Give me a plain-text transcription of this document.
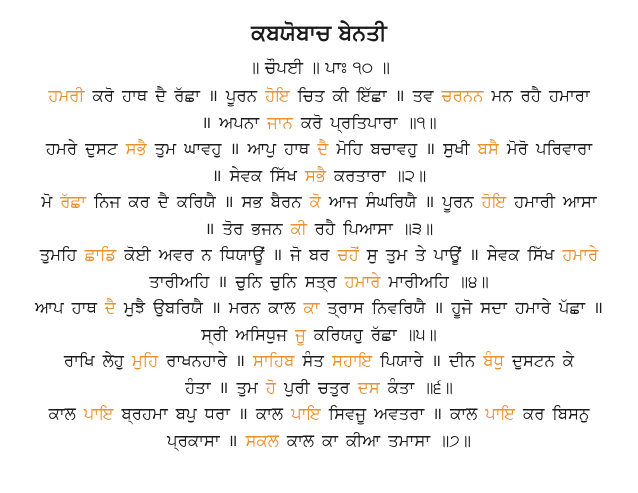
ਕਬਯੋਬਾਚ ਬੇਨਤੀ
॥ ਚੌਪਈ ॥ ਪਾਃ ੧੦ ॥
ਹਮਰੀ ਕਰੋ ਹਾਥ ਦੈ ਰੱਛਾ ॥ ਪੂਰਨ ਹੋਇ ਚਿਤ ਕੀ ਇੱਛਾ ॥ ਤਵ ਚਰਨਨ ਮਨ ਰਹੈ ਹਮਾਰਾ
॥ ਅਪਨਾ ਜਾਨ ਕਰੋ ਪ੍ਰਤਿਪਾਰਾ ॥੧॥
ਹਮਰੇ ਦੁਸਟ ਸਭੈ ਤੁਮ ਘਾਵਹੁ ॥ ਆਪੁ ਹਾਥ ਦੈ ਮੋਹਿ ਬਚਾਵਹੁ ॥ ਸੁਖੀ ਬਸੈ ਮੋਰੋ ਪਰਿਵਾਰਾ
॥ ਸੇਵਕ ਸਿੱਖ ਸਭੈ ਕਰਤਾਰਾ ॥੨॥
ਮੋ ਰੱਛਾ ਨਿਜ ਕਰ ਦੈ ਕਰਿਯੈ ॥ ਸਭ ਬੈਰਨ ਕੋ ਆਜ ਸੰਘਰਿਯੈ ॥ ਪੂਰਨ ਹੋਇ ਹਮਾਰੀ ਆਸਾ
॥ ਤੋਰ ਭਜਨ ਕੀ ਰਹੈ ਪਿਆਸਾ ॥੩॥
ਤੁਮਹਿ ਛਾਡਿ ਕੋਈ ਅਵਰ ਨ ਧਿਯਾਊਂ ॥ ਜੋ ਬਰ ਚਹੋਂ ਸੁ ਤੁਮ ਤੇ ਪਾਊਂ ॥ ਸੇਵਕ ਸਿੱਖ ਹਮਾਰੇ
ਤਾਰੀਅਹਿ ॥ ਚੁਨਿ ਚੁਨਿ ਸਤ੍ਰ ਹਮਾਰੇ ਮਾਰੀਅਹਿ ॥੪॥
ਆਪ ਹਾਥ ਦੈ ਮੁਝੈ ਉਬਰਿਯੈ ॥ ਮਰਨ ਕਾਲ ਕਾ ਤ੍ਰਾਸ ਨਿਵਰਿਯੈ ॥ ਹੂਜੋ ਸਦਾ ਹਮਾਰੇ ਪੱਛਾ ॥
ਸ੍ਰੀ ਅਸਿਧੁਜ ਜੂ ਕਰਿਯਹੁ ਰੱਛਾ ॥੫॥
ਰਾਖਿ ਲੇਹੁ ਮੁਹਿ ਰਾਖਨਹਾਰੇ ॥ ਸਾਹਿਬ ਸੰਤ ਸਹਾਇ ਪਿਯਾਰੇ ॥ ਦੀਨ ਬੰਧੁ ਦੁਸਟਨ ਕੇ
ਹੰਤਾ ॥ ਤੁਮ ਹੋ ਪੁਰੀ ਚਤੁਰ ਦਸ ਕੰਤਾ ॥੬॥
ਕਾਲ ਪਾਇ ਬ੍ਰਹਮਾ ਬਪੁ ਧਰਾ ॥ ਕਾਲ ਪਾਇ ਸਿਵਜੂ ਅਵਤਰਾ ॥ ਕਾਲ ਪਾਇ ਕਰ ਬਿਸਨੁ
ਪ੍ਰਕਾਸਾ ॥ ਸਕਲ ਕਾਲ ਕਾ ਕੀਆ ਤਮਾਸਾ ॥੭॥
